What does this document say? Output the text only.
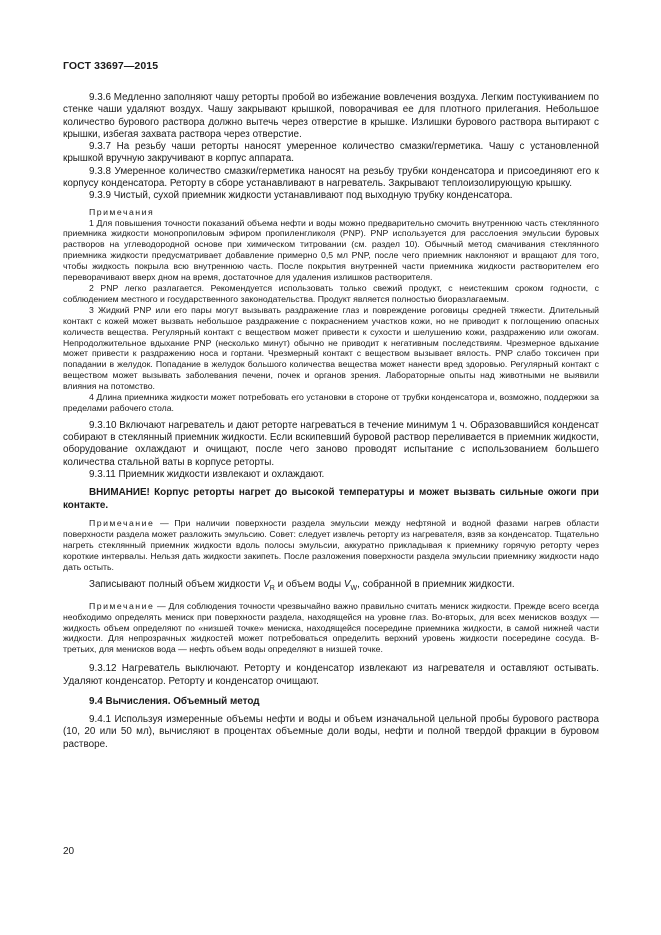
ГОСТ 33697—2015

9.3.6 Медленно заполняют чашу реторты пробой во избежание вовлечения воздуха. Легким постукиванием по стенке чаши удаляют воздух. Чашу закрывают крышкой, поворачивая ее для плотного прилегания. Небольшое количество бурового раствора должно вытечь через отверстие в крышке. Излишки бурового раствора вытирают с крышки, избегая захвата раствора через отверстие.

9.3.7 На резьбу чаши реторты наносят умеренное количество смазки/герметика. Чашу с установленной крышкой вручную закручивают в корпус аппарата.

9.3.8 Умеренное количество смазки/герметика наносят на резьбу трубки конденсатора и присоединяют его к корпусу конденсатора. Реторту в сборе устанавливают в нагреватель. Закрывают теплоизолирующую крышку.

9.3.9 Чистый, сухой приемник жидкости устанавливают под выходную трубку конденсатора.

Примечания

1 Для повышения точности показаний объема нефти и воды можно предварительно смочить внутреннюю часть стеклянного приемника жидкости монопропиловым эфиром пропиленгликоля (PNP). PNP используется для расслоения эмульсии буровых растворов на углеводородной основе при химическом титровании (см. раздел 10). Обычный метод смачивания стеклянного приемника жидкости предусматривает добавление примерно 0,5 мл PNP, после чего приемник наклоняют и вращают для того, чтобы жидкость покрыла всю внутреннюю часть. После покрытия внутренней части приемника жидкости растворителем его переворачивают вверх дном на время, достаточное для удаления излишков растворителя.

2 PNP легко разлагается. Рекомендуется использовать только свежий продукт, с неистекшим сроком годности, с соблюдением местного и государственного законодательства. Продукт является полностью биоразлагаемым.

3 Жидкий PNP или его пары могут вызывать раздражение глаз и повреждение роговицы средней тяжести. Длительный контакт с кожей может вызвать небольшое раздражение с покраснением участков кожи, но не приводит к поглощению опасных количеств вещества. Регулярный контакт с веществом может привести к сухости и шелушению кожи, раздражению или ожогам. Непродолжительное вдыхание PNP (несколько минут) обычно не приводит к негативным последствиям. Чрезмерное вдыхание может привести к раздражению носа и гортани. Чрезмерный контакт с веществом вызывает вялость. PNP слабо токсичен при попадании в желудок. Попадание в желудок большого количества вещества может нанести вред здоровью. Регулярный контакт с веществом может вызывать заболевания печени, почек и органов зрения. Лабораторные опыты над животными не выявили влияния на потомство.

4 Длина приемника жидкости может потребовать его установки в стороне от трубки конденсатора и, возможно, поддержки за пределами рабочего стола.

9.3.10 Включают нагреватель и дают реторте нагреваться в течение минимум 1 ч. Образовавшийся конденсат собирают в стеклянный приемник жидкости. Если вскипевший буровой раствор переливается в приемник жидкости, оборудование охлаждают и очищают, после чего заново проводят испытание с использованием большего количества стальной ваты в корпусе реторты.

9.3.11 Приемник жидкости извлекают и охлаждают.

ВНИМАНИЕ! Корпус реторты нагрет до высокой температуры и может вызвать сильные ожоги при контакте.

Примечание — При наличии поверхности раздела эмульсии между нефтяной и водной фазами нагрев области поверхности раздела может разложить эмульсию. Совет: следует извлечь реторту из нагревателя, взяв за конденсатор. Тщательно нагреть стеклянный приемник жидкости вдоль полосы эмульсии, аккуратно прикладывая к приемнику горячую реторту через короткие интервалы. Нельзя дать жидкости закипеть. После разложения поверхности раздела эмульсии приемнику жидкости надо дать остыть.

Записывают полный объем жидкости $V_R$ и объем воды $V_W$, собранной в приемник жидкости.

Примечание — Для соблюдения точности чрезвычайно важно правильно считать мениск жидкости. Прежде всего всегда необходимо определять мениск при поверхности раздела, находящейся на уровне глаз. Во-вторых, для всех менисков воздух — жидкость объем определяют по «низшей точке» мениска, находящейся посередине приемника жидкости, в самой нижней части жидкости. Для непрозрачных жидкостей может потребоваться определить верхний уровень жидкости посередине сосуда. В-третьих, для менисков вода — нефть объем воды определяют в низшей точке.

9.3.12 Нагреватель выключают. Реторту и конденсатор извлекают из нагревателя и оставляют остывать. Удаляют конденсатор. Реторту и конденсатор очищают.

9.4 Вычисления. Объемный метод

9.4.1 Используя измеренные объемы нефти и воды и объем изначальной цельной пробы бурового раствора (10, 20 или 50 мл), вычисляют в процентах объемные доли воды, нефти и полной твердой фракции в буровом растворе.

20
